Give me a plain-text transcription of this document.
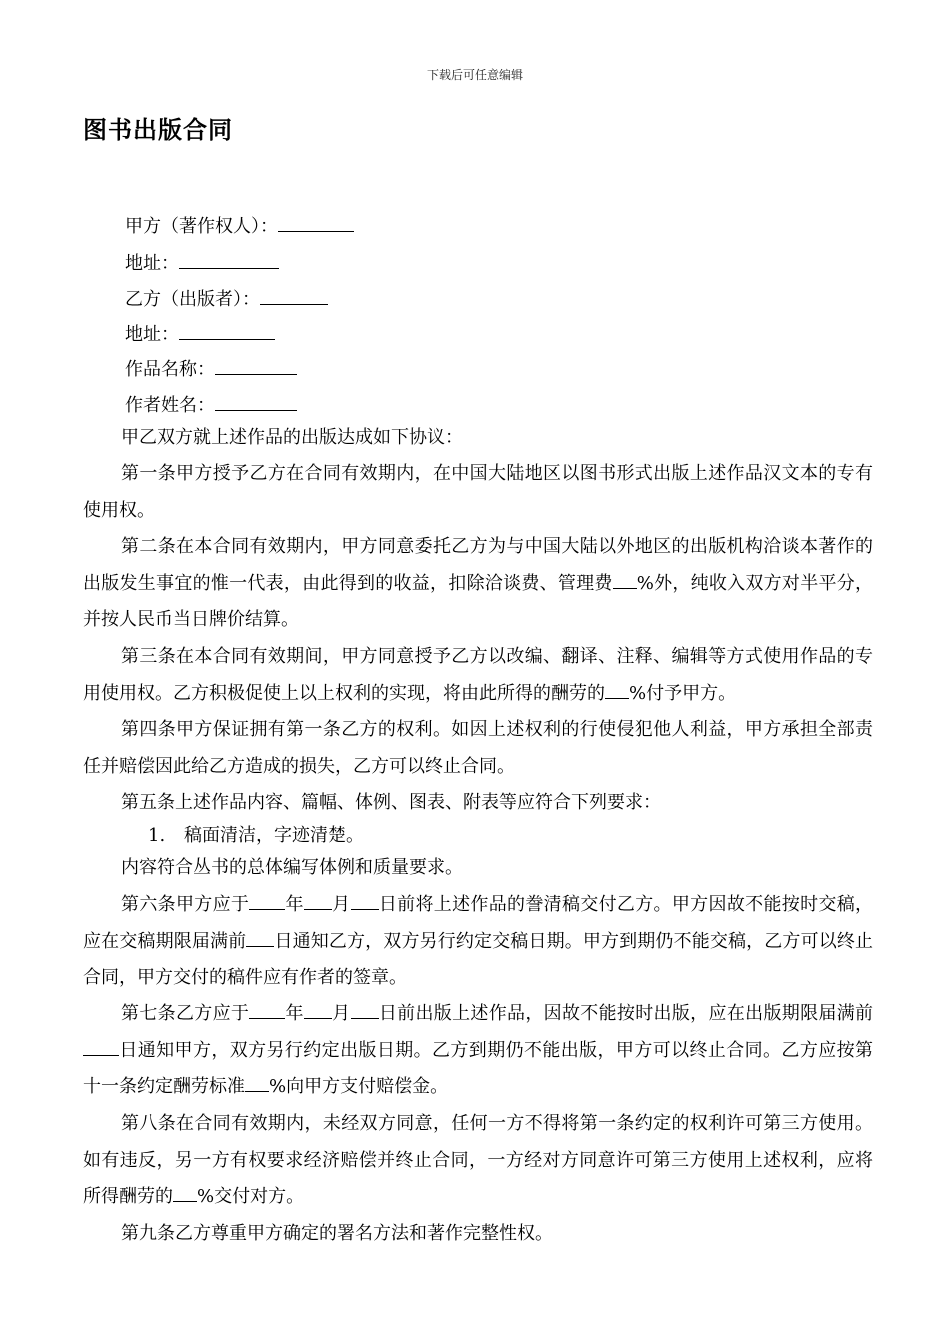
下载后可任意编辑
图书出版合同
甲方（著作权人）：
地址：
乙方（出版者）：
地址：
作品名称：
作者姓名：
甲乙双方就上述作品的出版达成如下协议：
第一条甲方授予乙方在合同有效期内，在中国大陆地区以图书形式出版上述作品汉文本的专有使用权。
第二条在本合同有效期内，甲方同意委托乙方为与中国大陆以外地区的出版机构洽谈本著作的出版发生事宜的惟一代表，由此得到的收益，扣除洽谈费、管理费 %外，纯收入双方对半平分，并按人民币当日牌价结算。
第三条在本合同有效期间，甲方同意授予乙方以改编、翻译、注释、编辑等方式使用作品的专用使用权。乙方积极促使上以上权利的实现，将由此所得的酬劳的 %付予甲方。
第四条甲方保证拥有第一条乙方的权利。如因上述权利的行使侵犯他人利益，甲方承担全部责任并赔偿因此给乙方造成的损失，乙方可以终止合同。
第五条上述作品内容、篇幅、体例、图表、附表等应符合下列要求：
1. 稿面清洁，字迹清楚。
内容符合丛书的总体编写体例和质量要求。
第六条甲方应于 年 月 日前将上述作品的誊清稿交付乙方。甲方因故不能按时交稿，应在交稿期限届满前 日通知乙方，双方另行约定交稿日期。甲方到期仍不能交稿，乙方可以终止合同，甲方交付的稿件应有作者的签章。
第七条乙方应于 年 月 日前出版上述作品，因故不能按时出版，应在出版期限届满前日通知甲方，双方另行约定出版日期。乙方到期仍不能出版，甲方可以终止合同。乙方应按第十一条约定酬劳标准 %向甲方支付赔偿金。
第八条在合同有效期内，未经双方同意，任何一方不得将第一条约定的权利许可第三方使用。如有违反，另一方有权要求经济赔偿并终止合同，一方经对方同意许可第三方使用上述权利，应将所得酬劳的 %交付对方。
第九条乙方尊重甲方确定的署名方法和著作完整性权。
